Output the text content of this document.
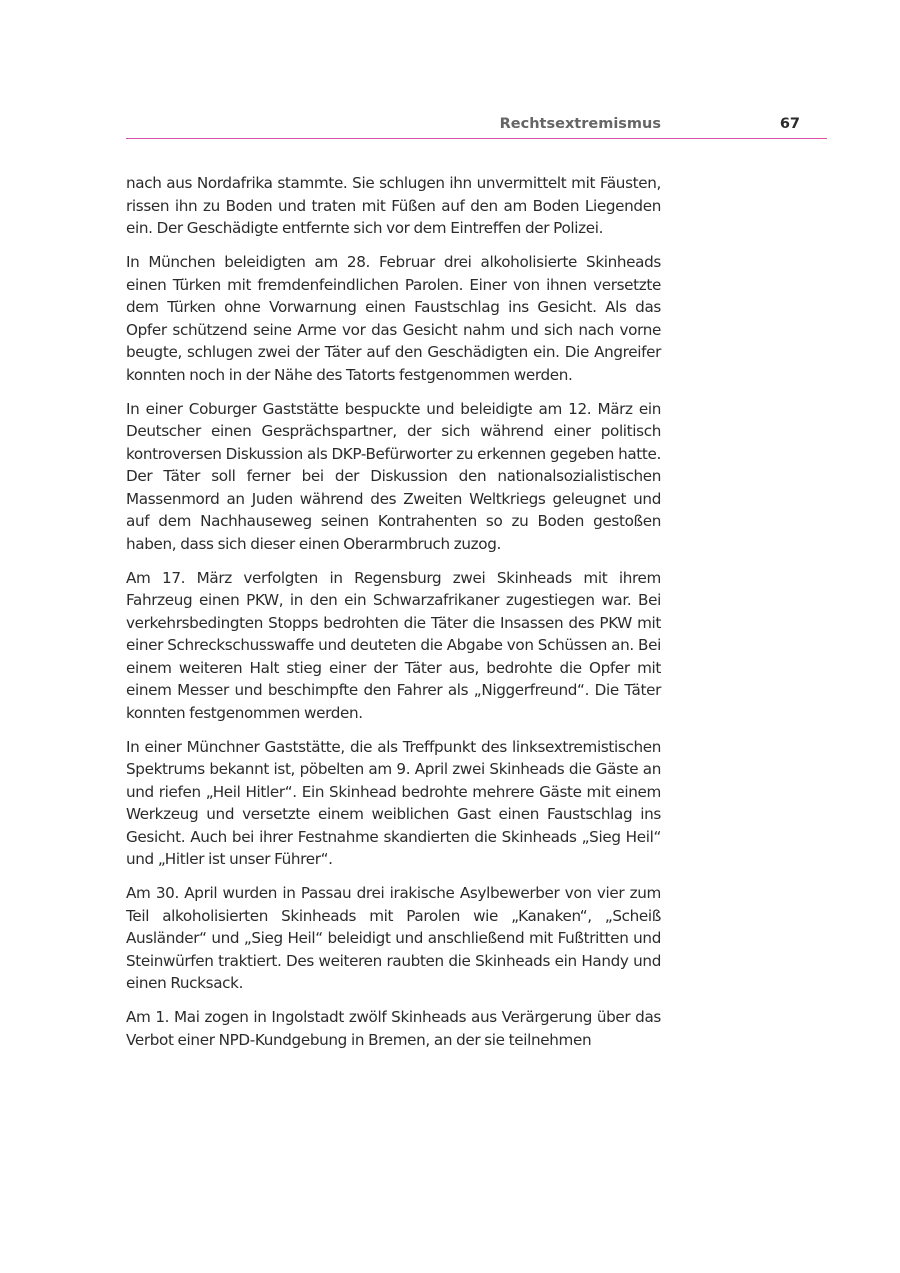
Rechtsextremismus	67

nach aus Nordafrika stammte. Sie schlugen ihn unvermittelt mit Fäusten, rissen ihn zu Boden und traten mit Füßen auf den am Boden Liegenden ein. Der Geschädigte entfernte sich vor dem Eintreffen der Polizei.

In München beleidigten am 28. Februar drei alkoholisierte Skinheads einen Türken mit fremdenfeindlichen Parolen. Einer von ihnen versetzte dem Türken ohne Vorwarnung einen Faustschlag ins Gesicht. Als das Opfer schützend seine Arme vor das Gesicht nahm und sich nach vorne beugte, schlugen zwei der Täter auf den Geschädigten ein. Die Angreifer konnten noch in der Nähe des Tatorts festgenommen werden.

In einer Coburger Gaststätte bespuckte und beleidigte am 12. März ein Deutscher einen Gesprächspartner, der sich während einer politisch kontroversen Diskussion als DKP-Befürworter zu erkennen gegeben hatte. Der Täter soll ferner bei der Diskussion den nationalsozialistischen Massenmord an Juden während des Zweiten Weltkriegs geleugnet und auf dem Nachhauseweg seinen Kontrahenten so zu Boden gestoßen haben, dass sich dieser einen Oberarmbruch zuzog.

Am 17. März verfolgten in Regensburg zwei Skinheads mit ihrem Fahrzeug einen PKW, in den ein Schwarzafrikaner zugestiegen war. Bei verkehrsbedingten Stopps bedrohten die Täter die Insassen des PKW mit einer Schreckschusswaffe und deuteten die Abgabe von Schüssen an. Bei einem weiteren Halt stieg einer der Täter aus, bedrohte die Opfer mit einem Messer und beschimpfte den Fahrer als „Niggerfreund“. Die Täter konnten festgenommen werden.

In einer Münchner Gaststätte, die als Treffpunkt des linksextremistischen Spektrums bekannt ist, pöbelten am 9. April zwei Skinheads die Gäste an und riefen „Heil Hitler“. Ein Skinhead bedrohte mehrere Gäste mit einem Werkzeug und versetzte einem weiblichen Gast einen Faustschlag ins Gesicht. Auch bei ihrer Festnahme skandierten die Skinheads „Sieg Heil“ und „Hitler ist unser Führer“.

Am 30. April wurden in Passau drei irakische Asylbewerber von vier zum Teil alkoholisierten Skinheads mit Parolen wie „Kanaken“, „Scheiß Ausländer“ und „Sieg Heil“ beleidigt und anschließend mit Fußtritten und Steinwürfen traktiert. Des weiteren raubten die Skinheads ein Handy und einen Rucksack.

Am 1. Mai zogen in Ingolstadt zwölf Skinheads aus Verärgerung über das Verbot einer NPD-Kundgebung in Bremen, an der sie teilnehmen
